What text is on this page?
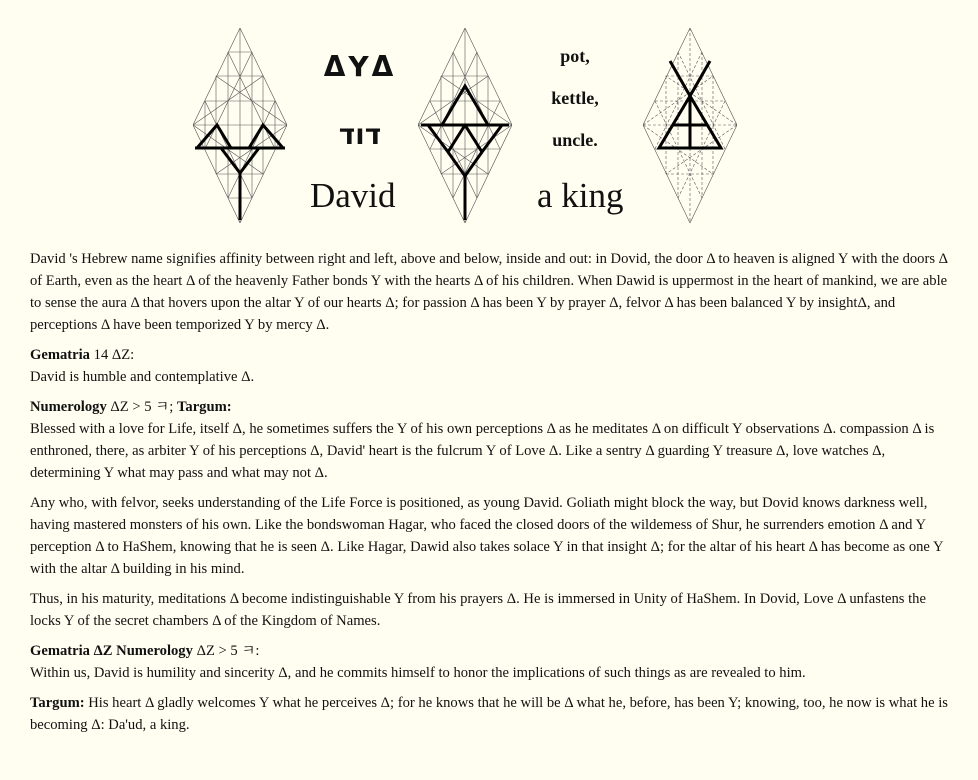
ΔYΔ
דוד
David
pot,
kettle,
uncle.
a king

David 's Hebrew name signifies affinity between right and left, above and below, inside and out: in Dovid, the door Δ to heaven is aligned Y with the doors Δ of Earth, even as the heart Δ of the heavenly Father bonds Y with the hearts Δ of his children. When Dawid is uppermost in the heart of mankind, we are able to sense the aura Δ that hovers upon the altar Y of our hearts Δ; for passion Δ has been Y by prayer Δ, felvor Δ has been balanced Y by insightΔ, and perceptions Δ have been temporized Y by mercy Δ.

Gematria 14 ΔZ:
David is humble and contemplative Δ.

Numerology ΔZ > 5 ㅋ; Targum:
Blessed with a love for Life, itself Δ, he sometimes suffers the Y of his own perceptions Δ as he meditates Δ on difficult Y observations Δ. compassion Δ is enthroned, there, as arbiter Y of his perceptions Δ, David' heart is the fulcrum Y of Love Δ. Like a sentry Δ guarding Y treasure Δ, love watches Δ, determining Y what may pass and what may not Δ.

Any who, with felvor, seeks understanding of the Life Force is positioned, as young David. Goliath might block the way, but Dovid knows darkness well, having mastered monsters of his own. Like the bondswoman Hagar, who faced the closed doors of the wildemess of Shur, he surrenders emotion Δ and Y perception Δ to HaShem, knowing that he is seen Δ. Like Hagar, Dawid also takes solace Y in that insight Δ; for the altar of his heart Δ has become as one Y with the altar Δ building in his mind.

Thus, in his maturity, meditations Δ become indistinguishable Y from his prayers Δ. He is immersed in Unity of HaShem. In Dovid, Love Δ unfastens the locks Y of the secret chambers Δ of the Kingdom of Names.

Gematria ΔZ Numerology ΔZ > 5 ㅋ:
Within us, David is humility and sincerity Δ, and he commits himself to honor the implications of such things as are revealed to him.

Targum: His heart Δ gladly welcomes Y what he perceives Δ; for he knows that he will be Δ what he, before, has been Y; knowing, too, he now is what he is becoming Δ: Da'ud, a king.
